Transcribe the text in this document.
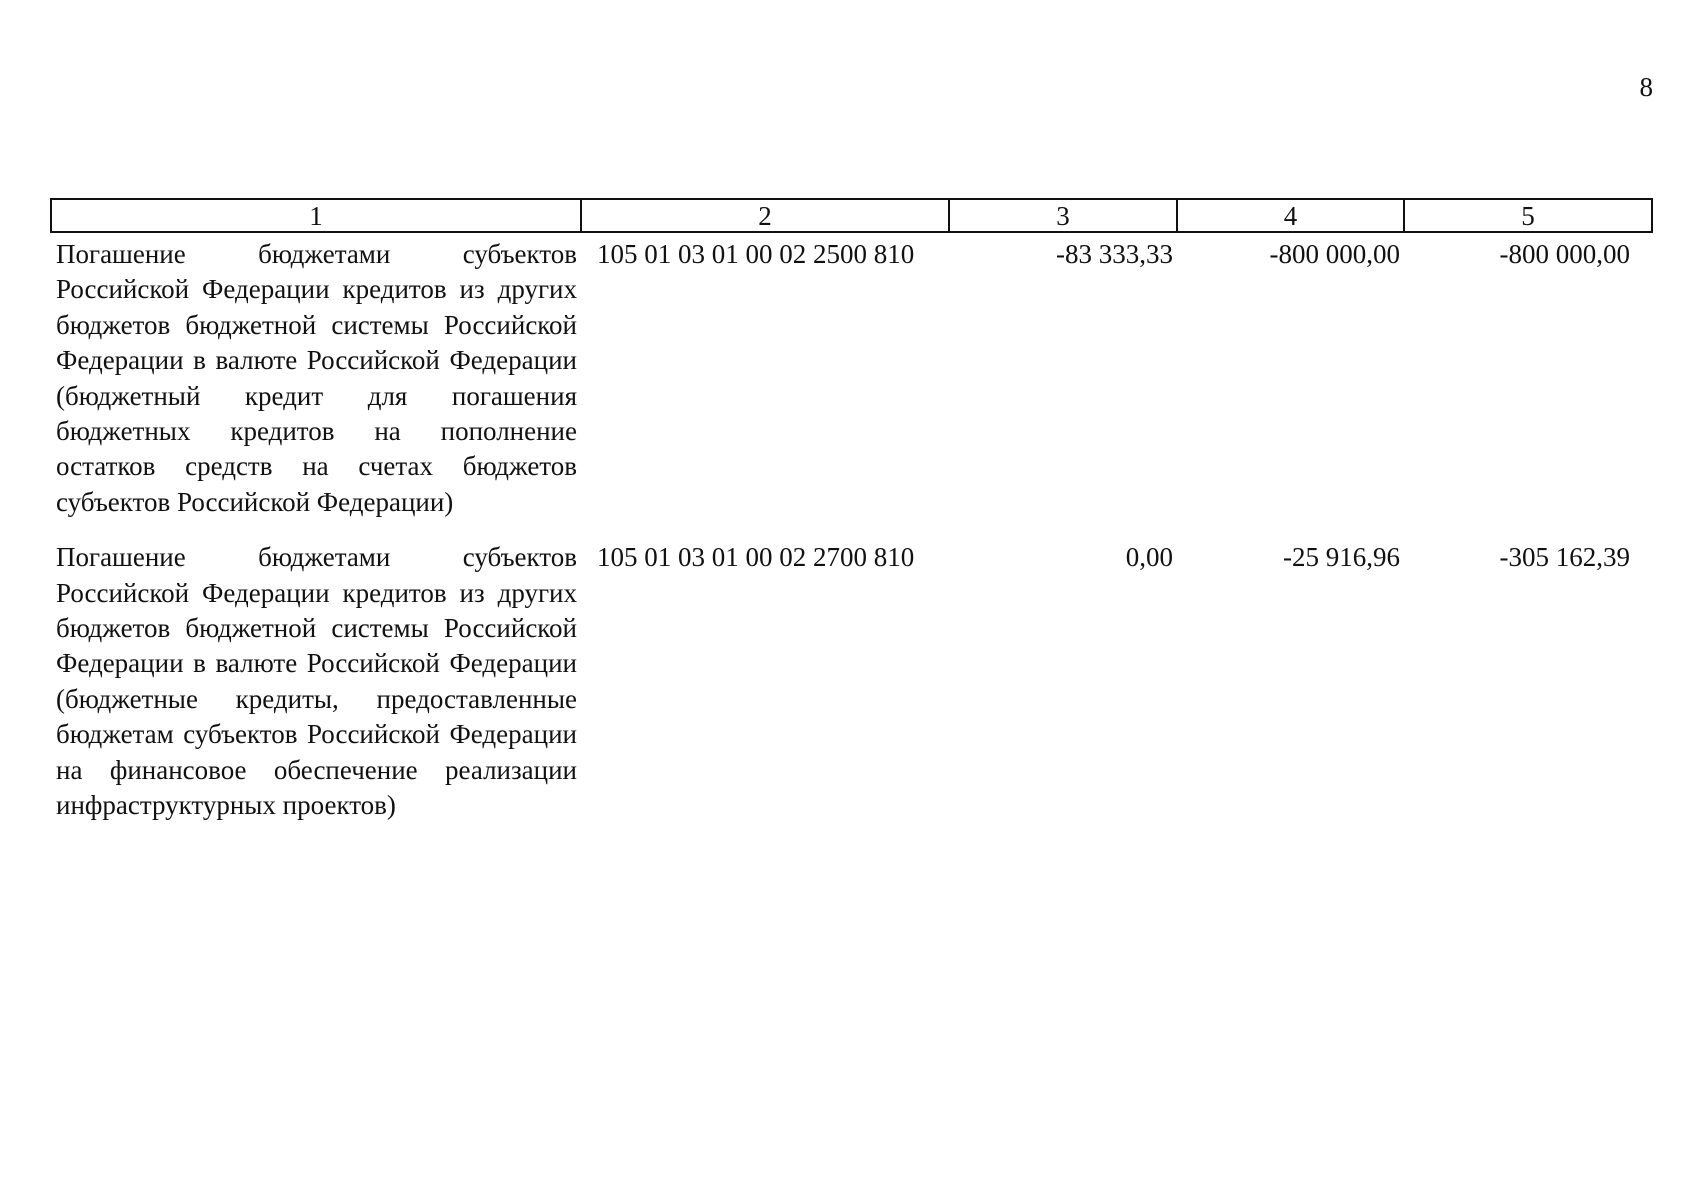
8
1	2	3	4	5
Погашение бюджетами субъектов Российской Федерации кредитов из других бюджетов бюджетной системы Российской Федерации в валюте Российской Федерации (бюджетный кредит для погашения бюджетных кредитов на пополнение остатков средств на счетах бюджетов субъектов Российской Федерации)	105 01 03 01 00 02 2500 810	-83 333,33	-800 000,00	-800 000,00
Погашение бюджетами субъектов Российской Федерации кредитов из других бюджетов бюджетной системы Российской Федерации в валюте Российской Федерации (бюджетные кредиты, предоставленные бюджетам субъектов Российской Федерации на финансовое обеспечение реализации инфраструктурных проектов)	105 01 03 01 00 02 2700 810	0,00	-25 916,96	-305 162,39
